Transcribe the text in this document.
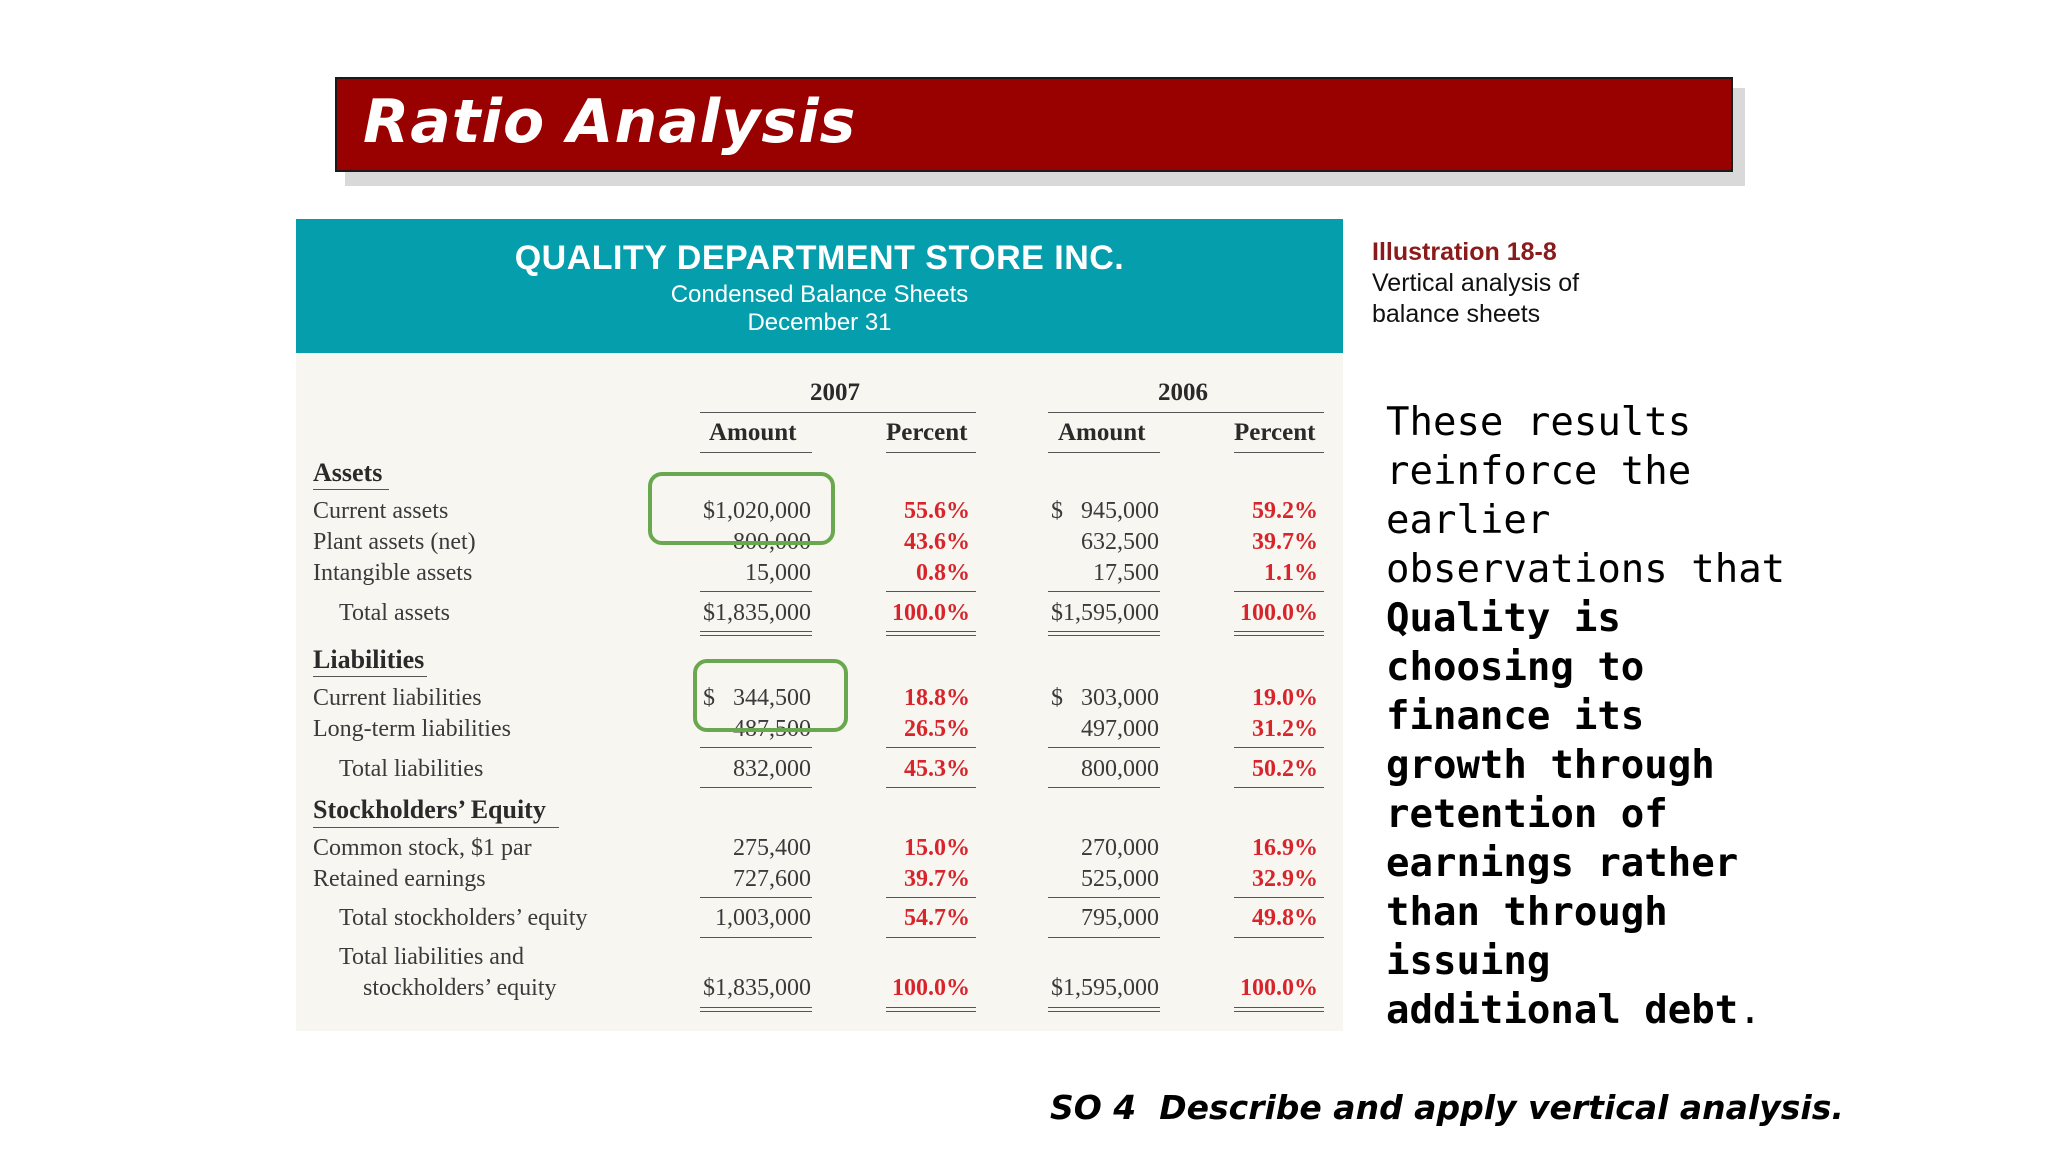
Ratio Analysis
QUALITY DEPARTMENT STORE INC.
Condensed Balance Sheets
December 31
2007	2006
Amount	Percent	Amount	Percent
Assets
Current assets	$1,020,000	55.6%	$   945,000	59.2%
Plant assets (net)	800,000	43.6%	632,500	39.7%
Intangible assets	15,000	0.8%	17,500	1.1%
Total assets	$1,835,000	100.0%	$1,595,000	100.0%
Liabilities
Current liabilities	$   344,500	18.8%	$   303,000	19.0%
Long-term liabilities	487,500	26.5%	497,000	31.2%
Total liabilities	832,000	45.3%	800,000	50.2%
Stockholders’ Equity
Common stock, $1 par	275,400	15.0%	270,000	16.9%
Retained earnings	727,600	39.7%	525,000	32.9%
Total stockholders’ equity	1,003,000	54.7%	795,000	49.8%
Total liabilities and
stockholders’ equity	$1,835,000	100.0%	$1,595,000	100.0%
Illustration 18-8
Vertical analysis of balance sheets
These results reinforce the earlier observations that Quality is choosing to finance its growth through retention of earnings rather than through issuing additional debt.
SO 4  Describe and apply vertical analysis.
